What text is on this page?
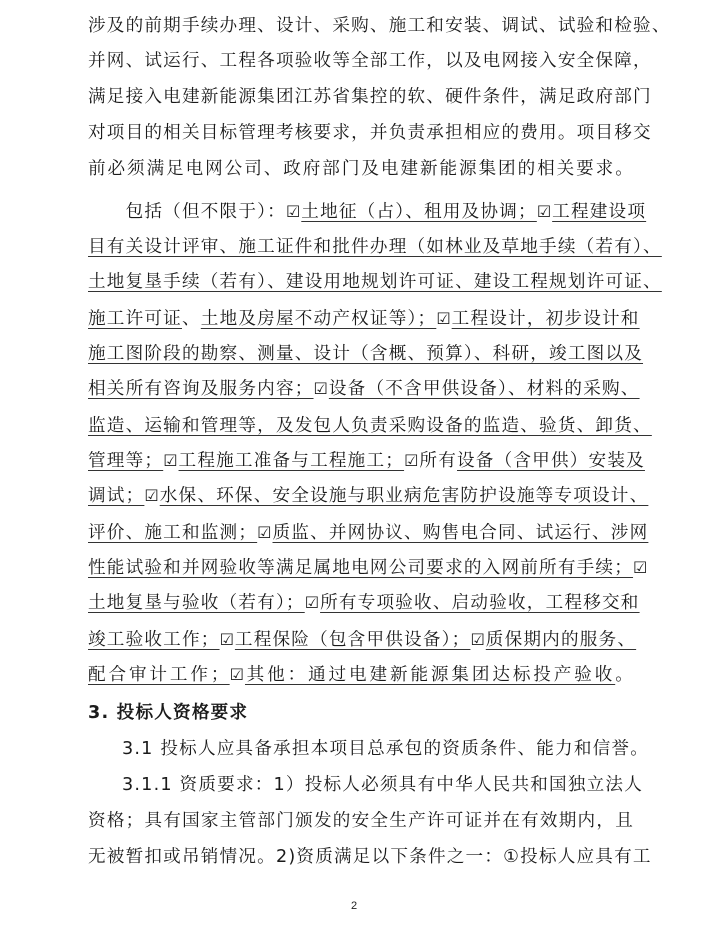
涉及的前期手续办理、设计、采购、施工和安装、调试、试验和检验、
并网、试运行、工程各项验收等全部工作，以及电网接入安全保障，
满足接入电建新能源集团江苏省集控的软、硬件条件，满足政府部门
对项目的相关目标管理考核要求，并负责承担相应的费用。项目移交
前必须满足电网公司、政府部门及电建新能源集团的相关要求。
　　包括（但不限于）：☑土地征（占）、租用及协调；☑工程建设项
目有关设计评审、施工证件和批件办理（如林业及草地手续（若有）、
土地复垦手续（若有）、建设用地规划许可证、建设工程规划许可证、
施工许可证、土地及房屋不动产权证等）；☑工程设计，初步设计和
施工图阶段的勘察、测量、设计（含概、预算）、科研，竣工图以及
相关所有咨询及服务内容；☑设备（不含甲供设备）、材料的采购、
监造、运输和管理等，及发包人负责采购设备的监造、验货、卸货、
管理等；☑工程施工准备与工程施工；☑所有设备（含甲供）安装及
调试；☑水保、环保、安全设施与职业病危害防护设施等专项设计、
评价、施工和监测；☑质监、并网协议、购售电合同、试运行、涉网
性能试验和并网验收等满足属地电网公司要求的入网前所有手续；☑
土地复垦与验收（若有）；☑所有专项验收、启动验收，工程移交和
竣工验收工作；☑工程保险（包含甲供设备）；☑质保期内的服务、
配合审计工作；☑其他：通过电建新能源集团达标投产验收。
3. 投标人资格要求
3.1 投标人应具备承担本项目总承包的资质条件、能力和信誉。
3.1.1 资质要求：1）投标人必须具有中华人民共和国独立法人
资格；具有国家主管部门颁发的安全生产许可证并在有效期内，且
无被暂扣或吊销情况。2)资质满足以下条件之一：①投标人应具有工
2
